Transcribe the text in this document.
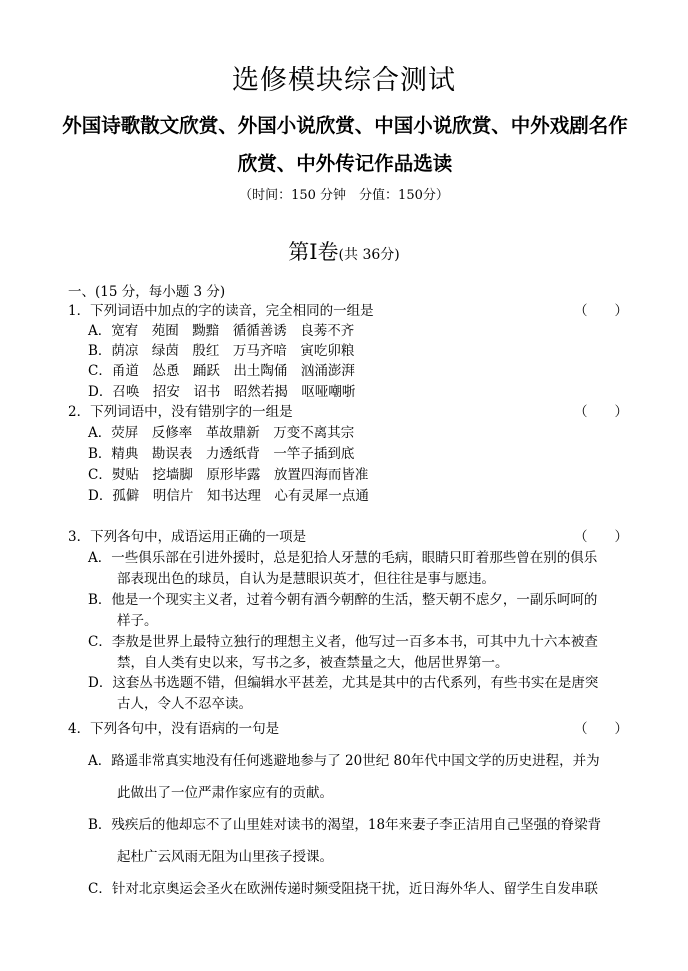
选修模块综合测试
外国诗歌散文欣赏、外国小说欣赏、中国小说欣赏、中外戏剧名作欣赏、中外传记作品选读
（时间：150 分钟　分值：150分）
第Ⅰ卷(共 36分)
一、(15 分，每小题 3 分)
1．下列词语中加点的字的读音，完全相同的一组是	（　　）
A．宽宥　苑囿　黝黯　循循善诱　良莠不齐
B．荫凉　绿茵　殷红　万马齐喑　寅吃卯粮
C．甬道　怂恿　踊跃　出土陶俑　汹涌澎湃
D．召唤　招安　诏书　昭然若揭　呕哑嘲哳
2．下列词语中，没有错别字的一组是	（　　）
A．荧屏　反修率　革故鼎新　万变不离其宗
B．精典　勘误表　力透纸背　一竿子插到底
C．熨贴　挖墙脚　原形毕露　放置四海而皆准
D．孤僻　明信片　知书达理　心有灵犀一点通
3．下列各句中，成语运用正确的一项是	（　　）
A．一些俱乐部在引进外援时，总是犯拾人牙慧的毛病，眼睛只盯着那些曾在别的俱乐
部表现出色的球员，自认为是慧眼识英才，但往往是事与愿违。
B．他是一个现实主义者，过着今朝有酒今朝醉的生活，整天朝不虑夕，一副乐呵呵的
样子。
C．李敖是世界上最特立独行的理想主义者，他写过一百多本书，可其中九十六本被查
禁，自人类有史以来，写书之多，被查禁量之大，他居世界第一。
D．这套丛书选题不错，但编辑水平甚差，尤其是其中的古代系列，有些书实在是唐突
古人，令人不忍卒读。
4．下列各句中，没有语病的一句是	（　　）
A．路遥非常真实地没有任何逃避地参与了 20世纪 80年代中国文学的历史进程，并为
此做出了一位严肃作家应有的贡献。
B．残疾后的他却忘不了山里娃对读书的渴望，18年来妻子李正洁用自己坚强的脊梁背
起杜广云风雨无阻为山里孩子授课。
C．针对北京奥运会圣火在欧洲传递时频受阻挠干扰，近日海外华人、留学生自发串联
